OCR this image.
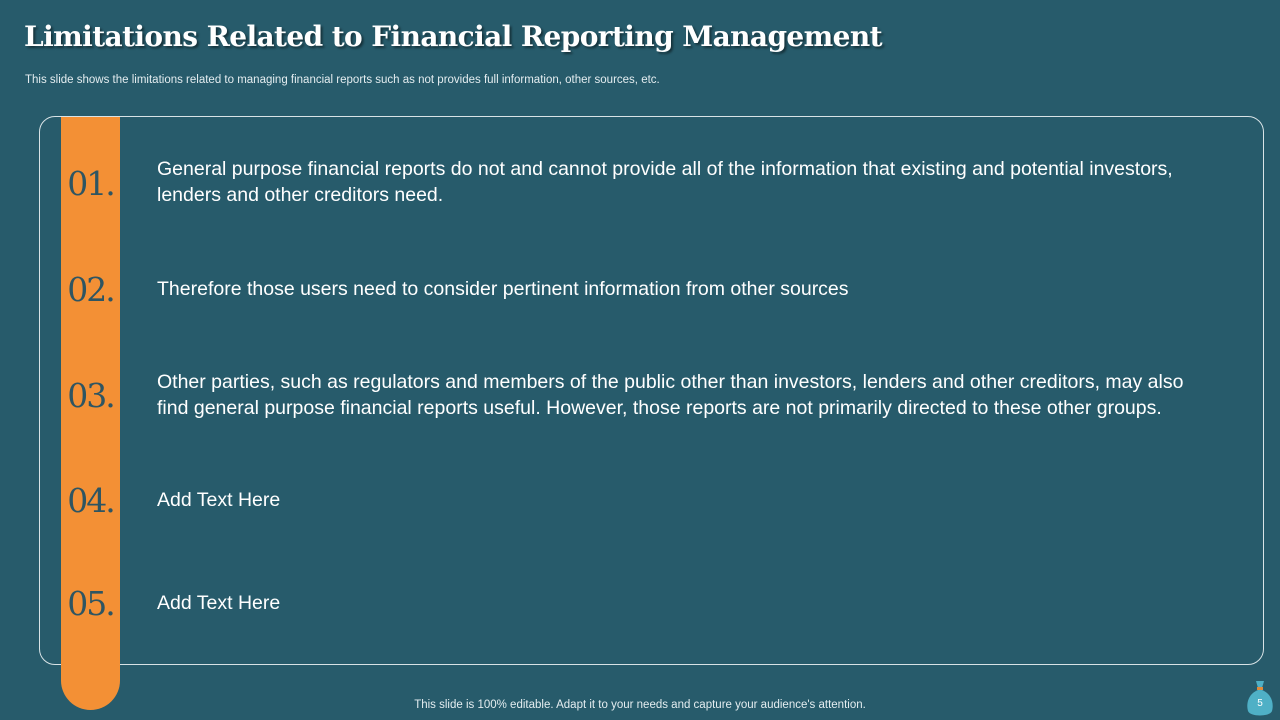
Limitations Related to Financial Reporting Management
This slide shows the limitations related to managing financial reports such as not provides full information, other sources, etc.
01.	General purpose financial reports do not and cannot provide all of the information that existing and potential investors, lenders and other creditors need.
02.	Therefore those users need to consider pertinent information from other sources
03.	Other parties, such as regulators and members of the public other than investors, lenders and other creditors, may also find general purpose financial reports useful. However, those reports are not primarily directed to these other groups.
04.	Add Text Here
05.	Add Text Here
This slide is 100% editable. Adapt it to your needs and capture your audience's attention.	5
